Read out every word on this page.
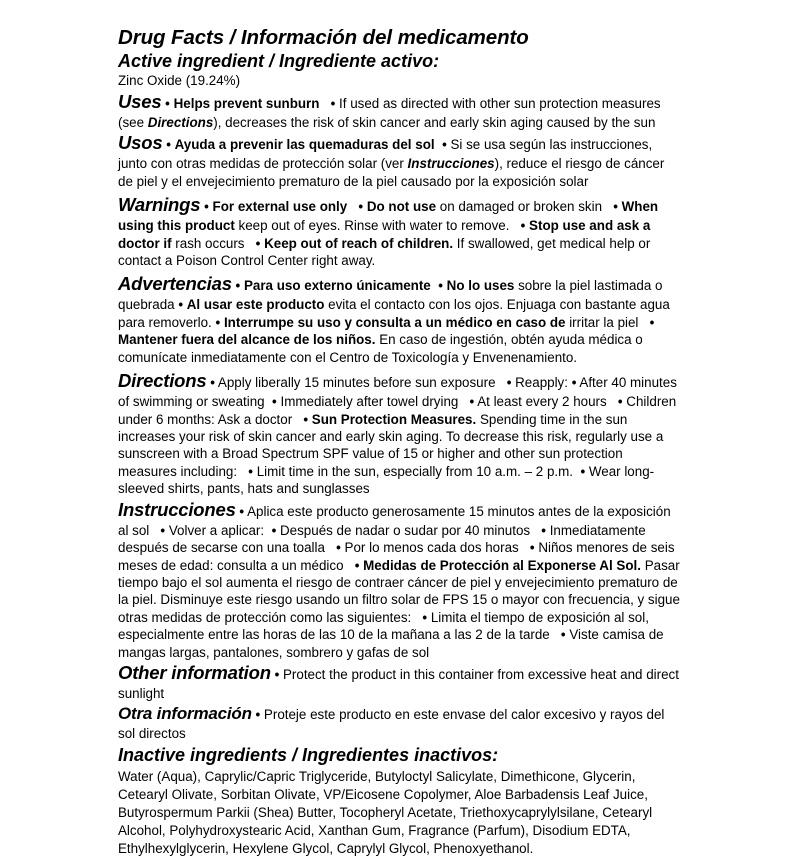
Drug Facts / Información del medicamento
Active ingredient / Ingrediente activo:
Zinc Oxide (19.24%)
Uses • Helps prevent sunburn • If used as directed with other sun protection measures (see Directions), decreases the risk of skin cancer and early skin aging caused by the sun
Usos • Ayuda a prevenir las quemaduras del sol • Si se usa según las instrucciones, junto con otras medidas de protección solar (ver Instrucciones), reduce el riesgo de cáncer de piel y el envejecimiento prematuro de la piel causado por la exposición solar
Warnings • For external use only • Do not use on damaged or broken skin   • When using this product keep out of eyes. Rinse with water to remove.   • Stop use and ask a doctor if rash occurs   • Keep out of reach of children. If swallowed, get medical help or contact a Poison Control Center right away.
Advertencias • Para uso externo únicamente • No lo uses sobre la piel lastimada o quebrada • Al usar este producto evita el contacto con los ojos. Enjuaga con bastante agua para removerlo. • Interrumpe su uso y consulta a un médico en caso de irritar la piel   • Mantener fuera del alcance de los niños. En caso de ingestión, obtén ayuda médica o comunícate inmediatamente con el Centro de Toxicología y Envenenamiento.
Directions • Apply liberally 15 minutes before sun exposure   • Reapply: • After 40 minutes of swimming or sweating  • Immediately after towel drying   • At least every 2 hours   • Children under 6 months: Ask a doctor   • Sun Protection Measures. Spending time in the sun increases your risk of skin cancer and early skin aging. To decrease this risk, regularly use a sunscreen with a Broad Spectrum SPF value of 15 or higher and other sun protection measures including:   • Limit time in the sun, especially from 10 a.m. – 2 p.m.  • Wear long-sleeved shirts, pants, hats and sunglasses
Instrucciones • Aplica este producto generosamente 15 minutos antes de la exposición al sol   • Volver a aplicar:  • Después de nadar o sudar por 40 minutos   • Inmediatamente después de secarse con una toalla   • Por lo menos cada dos horas   • Niños menores de seis meses de edad: consulta a un médico   • Medidas de Protección al Exponerse Al Sol. Pasar tiempo bajo el sol aumenta el riesgo de contraer cáncer de piel y envejecimiento prematuro de la piel. Disminuye este riesgo usando un filtro solar de FPS 15 o mayor con frecuencia, y sigue otras medidas de protección como las siguientes:   • Limita el tiempo de exposición al sol, especialmente entre las horas de las 10 de la mañana a las 2 de la tarde   • Viste camisa de mangas largas, pantalones, sombrero y gafas de sol
Other information • Protect the product in this container from excessive heat and direct sunlight
Otra información • Proteje este producto en este envase del calor excesivo y rayos del sol directos
Inactive ingredients / Ingredientes inactivos:
Water (Aqua), Caprylic/Capric Triglyceride, Butyloctyl Salicylate, Dimethicone, Glycerin, Cetearyl Olivate, Sorbitan Olivate, VP/Eicosene Copolymer, Aloe Barbadensis Leaf Juice, Butyrospermum Parkii (Shea) Butter, Tocopheryl Acetate, Triethoxycaprylylsilane, Cetearyl Alcohol, Polyhydroxystearic Acid, Xanthan Gum, Fragrance (Parfum), Disodium EDTA, Ethylhexylglycerin, Hexylene Glycol, Caprylyl Glycol, Phenoxyethanol.
